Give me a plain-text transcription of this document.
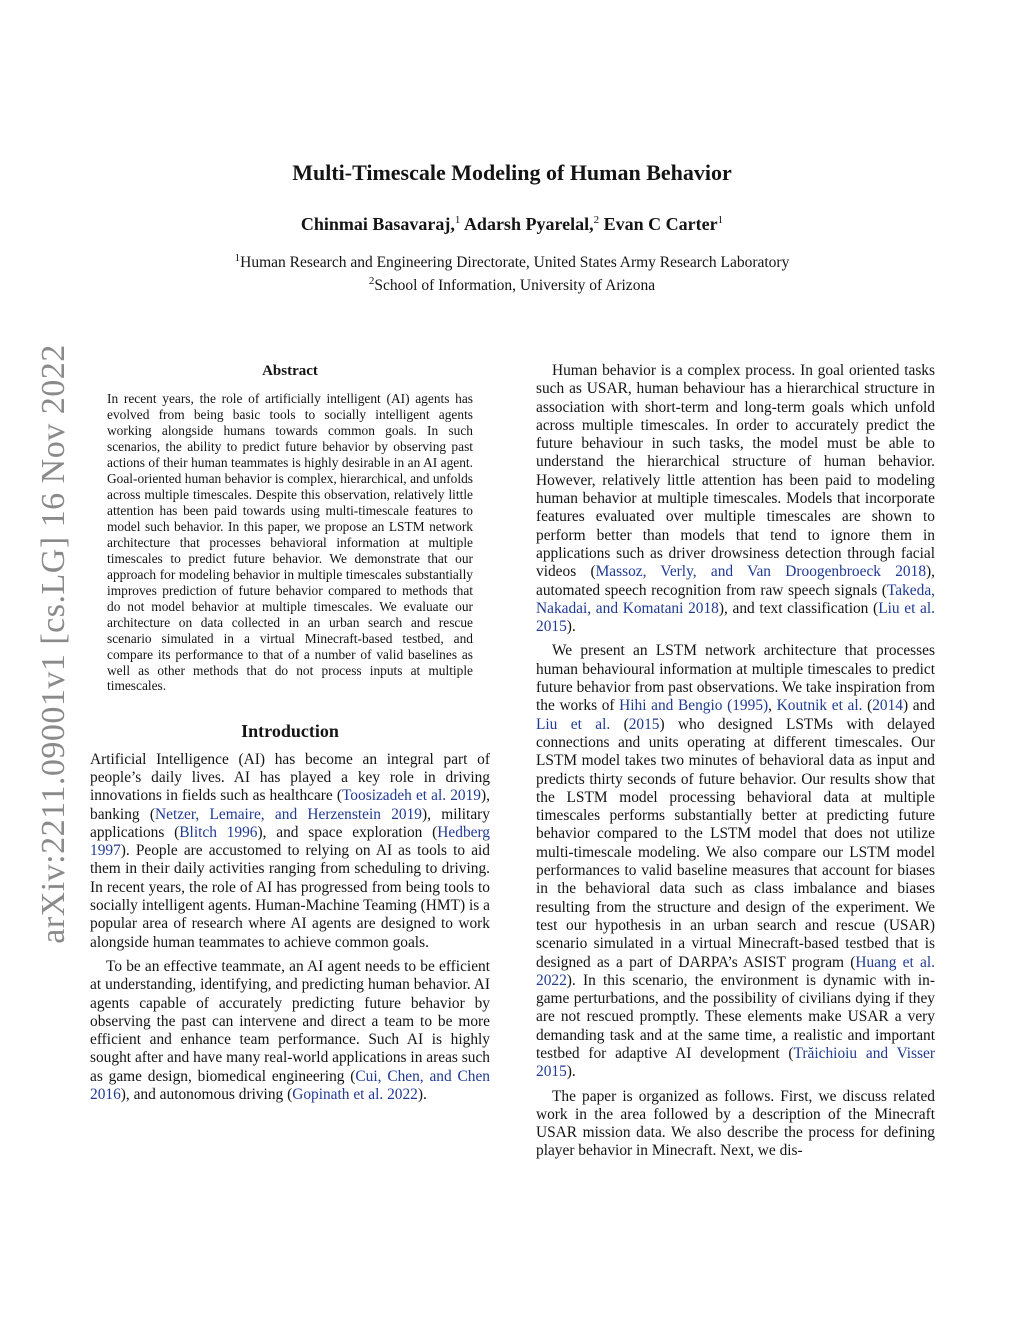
arXiv:2211.09001v1 [cs.LG] 16 Nov 2022
Multi-Timescale Modeling of Human Behavior
Chinmai Basavaraj,$^1$ Adarsh Pyarelal,$^2$ Evan C Carter$^1$
$^1$Human Research and Engineering Directorate, United States Army Research Laboratory
$^2$School of Information, University of Arizona
Abstract

In recent years, the role of artificially intelligent (AI) agents has evolved from being basic tools to socially intelligent agents working alongside humans towards common goals. In such scenarios, the ability to predict future behavior by observing past actions of their human teammates is highly desirable in an AI agent. Goal-oriented human behavior is complex, hierarchical, and unfolds across multiple timescales. Despite this observation, relatively little attention has been paid towards using multi-timescale features to model such behavior. In this paper, we propose an LSTM network architecture that processes behavioral information at multiple timescales to predict future behavior. We demonstrate that our approach for modeling behavior in multiple timescales substantially improves prediction of future behavior compared to methods that do not model behavior at multiple timescales. We evaluate our architecture on data collected in an urban search and rescue scenario simulated in a virtual Minecraft-based testbed, and compare its performance to that of a number of valid baselines as well as other methods that do not process inputs at multiple timescales.

Introduction

Artificial Intelligence (AI) has become an integral part of people’s daily lives. AI has played a key role in driving innovations in fields such as healthcare (Toosizadeh et al. 2019), banking (Netzer, Lemaire, and Herzenstein 2019), military applications (Blitch 1996), and space exploration (Hedberg 1997). People are accustomed to relying on AI as tools to aid them in their daily activities ranging from scheduling to driving. In recent years, the role of AI has progressed from being tools to socially intelligent agents. Human-Machine Teaming (HMT) is a popular area of research where AI agents are designed to work alongside human teammates to achieve common goals.

To be an effective teammate, an AI agent needs to be efficient at understanding, identifying, and predicting human behavior. AI agents capable of accurately predicting future behavior by observing the past can intervene and direct a team to be more efficient and enhance team performance. Such AI is highly sought after and have many real-world applications in areas such as game design, biomedical engineering (Cui, Chen, and Chen 2016), and autonomous driving (Gopinath et al. 2022).

Human behavior is a complex process. In goal oriented tasks such as USAR, human behaviour has a hierarchical structure in association with short-term and long-term goals which unfold across multiple timescales. In order to accurately predict the future behaviour in such tasks, the model must be able to understand the hierarchical structure of human behavior. However, relatively little attention has been paid to modeling human behavior at multiple timescales. Models that incorporate features evaluated over multiple timescales are shown to perform better than models that tend to ignore them in applications such as driver drowsiness detection through facial videos (Massoz, Verly, and Van Droogenbroeck 2018), automated speech recognition from raw speech signals (Takeda, Nakadai, and Komatani 2018), and text classification (Liu et al. 2015).

We present an LSTM network architecture that processes human behavioural information at multiple timescales to predict future behavior from past observations. We take inspiration from the works of Hihi and Bengio (1995), Koutnik et al. (2014) and Liu et al. (2015) who designed LSTMs with delayed connections and units operating at different timescales. Our LSTM model takes two minutes of behavioral data as input and predicts thirty seconds of future behavior. Our results show that the LSTM model processing behavioral data at multiple timescales performs substantially better at predicting future behavior compared to the LSTM model that does not utilize multi-timescale modeling. We also compare our LSTM model performances to valid baseline measures that account for biases in the behavioral data such as class imbalance and biases resulting from the structure and design of the experiment. We test our hypothesis in an urban search and rescue (USAR) scenario simulated in a virtual Minecraft-based testbed that is designed as a part of DARPA’s ASIST program (Huang et al. 2022). In this scenario, the environment is dynamic with in-game perturbations, and the possibility of civilians dying if they are not rescued promptly. These elements make USAR a very demanding task and at the same time, a realistic and important testbed for adaptive AI development (Trăichioiu and Visser 2015).

The paper is organized as follows. First, we discuss related work in the area followed by a description of the Minecraft USAR mission data. We also describe the process for defining player behavior in Minecraft. Next, we dis-
